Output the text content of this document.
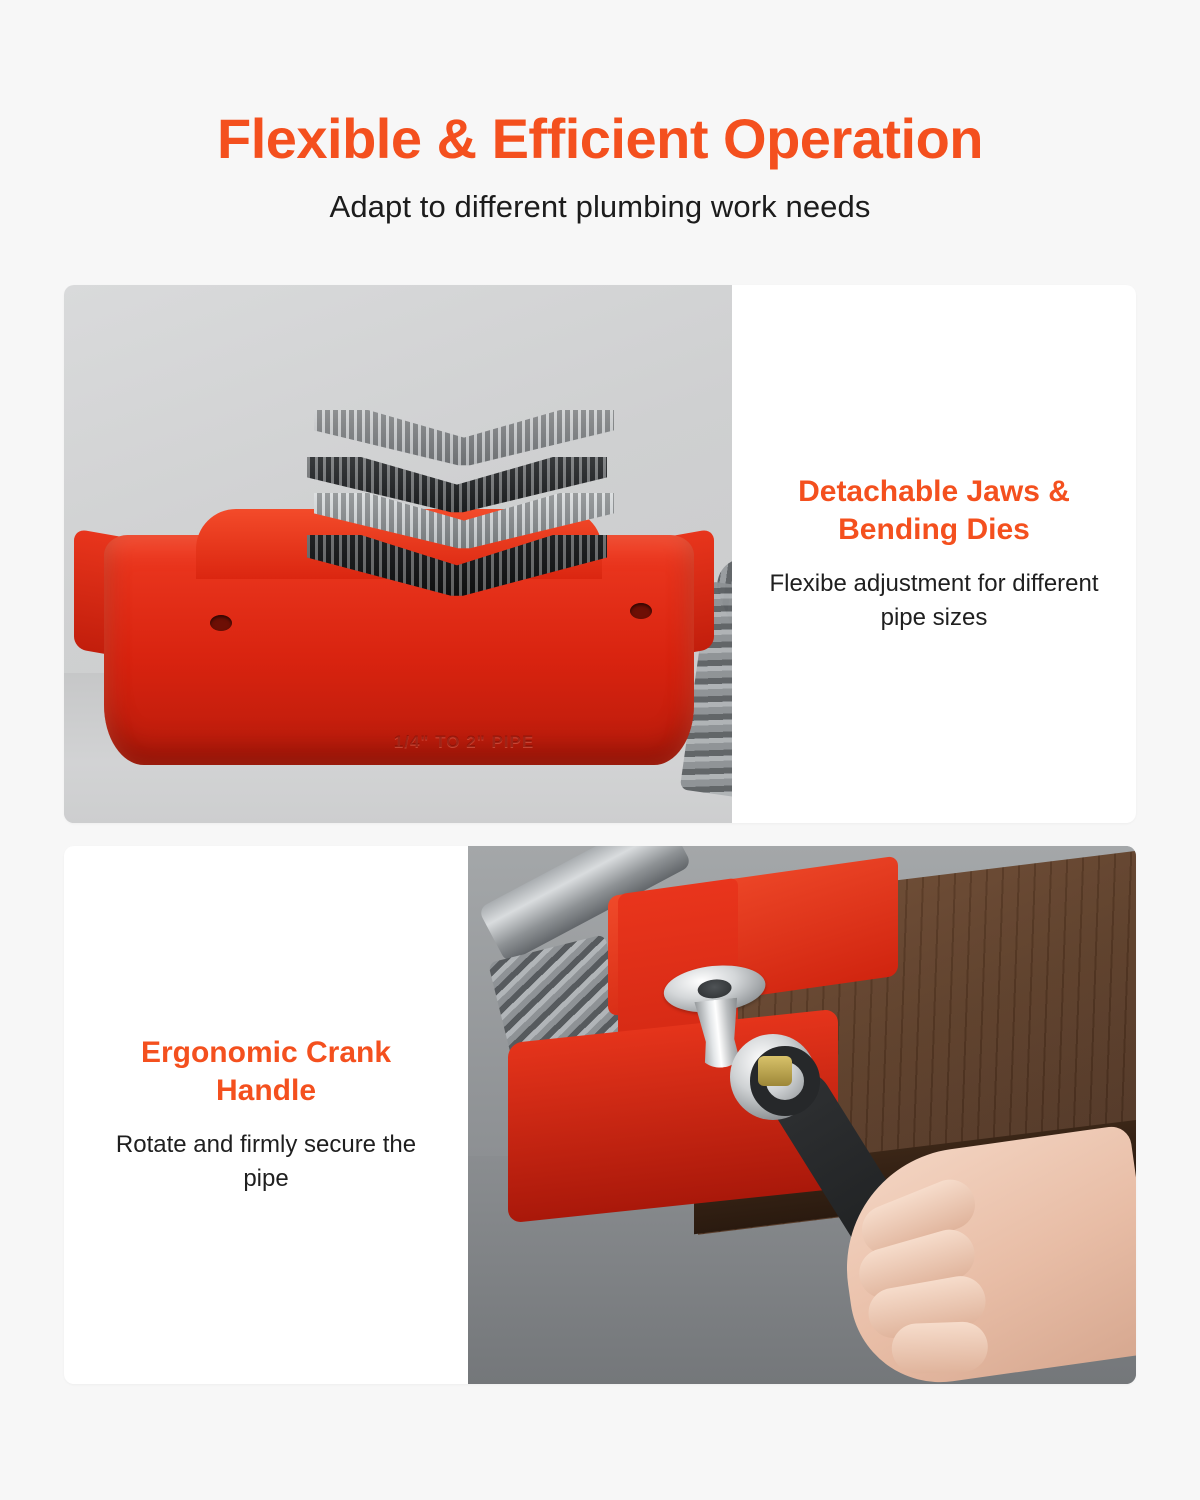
Flexible & Efficient Operation

Adapt to different plumbing work needs

1/4" TO 2" PIPE
Detachable Jaws & Bending Dies

Flexibe adjustment for different pipe sizes

Ergonomic Crank Handle

Rotate and firmly secure the pipe
